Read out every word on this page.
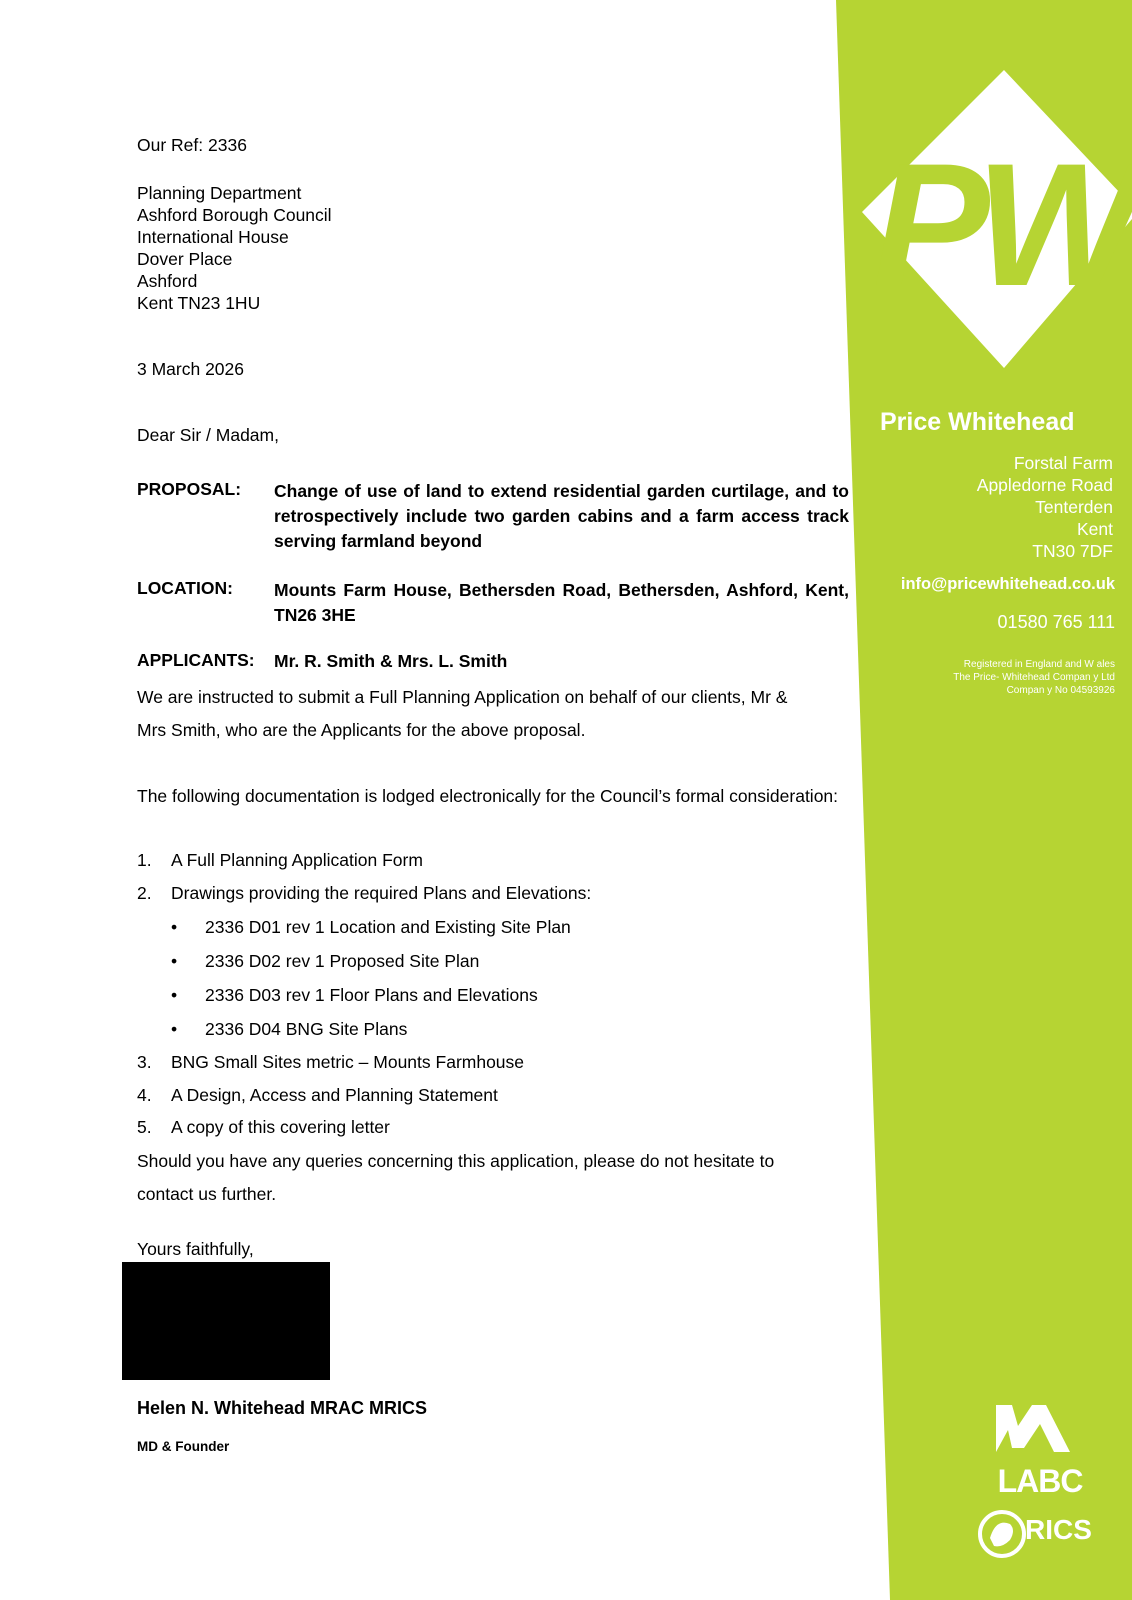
PW
Price Whitehead
Forstal Farm
Appledorne Road
Tenterden
Kent
TN30 7DF
info@pricewhitehead.co.uk
01580 765 111
Registered in England and W ales
The Price- Whitehead Compan y Ltd
Compan y No 04593926
LABC
RICS
Our Ref: 2336
Planning Department
Ashford Borough Council
International House
Dover Place
Ashford
Kent TN23 1HU
3 March 2026
Dear Sir / Madam,
PROPOSAL: Change of use of land to extend residential garden curtilage, and to retrospectively include two garden cabins and a farm access track serving farmland beyond
LOCATION: Mounts Farm House, Bethersden Road, Bethersden, Ashford, Kent, TN26 3HE
APPLICANTS: Mr. R. Smith & Mrs. L. Smith
We are instructed to submit a Full Planning Application on behalf of our clients, Mr &
Mrs Smith, who are the Applicants for the above proposal.
The following documentation is lodged electronically for the Council’s formal consideration:
1. A Full Planning Application Form
2. Drawings providing the required Plans and Elevations:
• 2336 D01 rev 1 Location and Existing Site Plan
• 2336 D02 rev 1 Proposed Site Plan
• 2336 D03 rev 1 Floor Plans and Elevations
• 2336 D04 BNG Site Plans
3. BNG Small Sites metric – Mounts Farmhouse
4. A Design, Access and Planning Statement
5. A copy of this covering letter
Should you have any queries concerning this application, please do not hesitate to
contact us further.
Yours faithfully,
Helen N. Whitehead MRAC MRICS
MD & Founder
